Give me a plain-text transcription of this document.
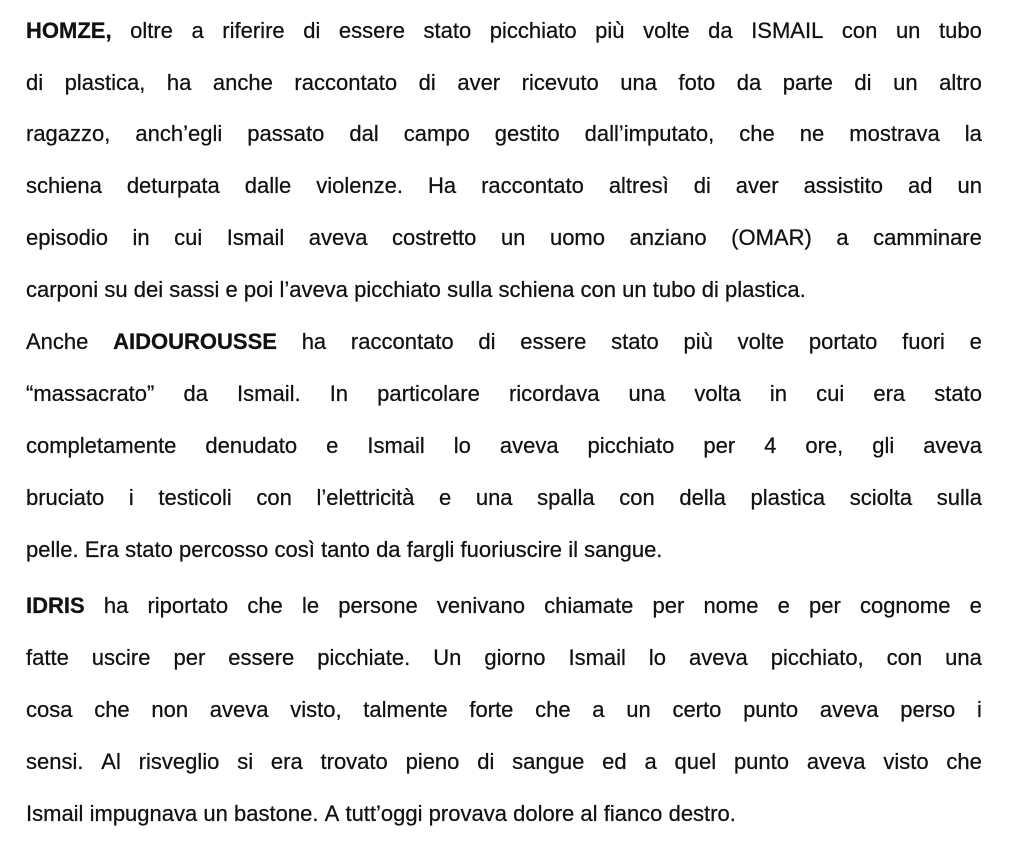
HOMZE, oltre a riferire di essere stato picchiato più volte da ISMAIL con un tubo
di plastica, ha anche raccontato di aver ricevuto una foto da parte di un altro
ragazzo, anch’egli passato dal campo gestito dall’imputato, che ne mostrava la
schiena deturpata dalle violenze. Ha raccontato altresì di aver assistito ad un
episodio in cui Ismail aveva costretto un uomo anziano (OMAR) a camminare
carponi su dei sassi e poi l’aveva picchiato sulla schiena con un tubo di plastica.
Anche AIDOUROUSSE ha raccontato di essere stato più volte portato fuori e
“massacrato” da Ismail. In particolare ricordava una volta in cui era stato
completamente denudato e Ismail lo aveva picchiato per 4 ore, gli aveva
bruciato i testicoli con l’elettricità e una spalla con della plastica sciolta sulla
pelle. Era stato percosso così tanto da fargli fuoriuscire il sangue.
IDRIS ha riportato che le persone venivano chiamate per nome e per cognome e
fatte uscire per essere picchiate. Un giorno Ismail lo aveva picchiato, con una
cosa che non aveva visto, talmente forte che a un certo punto aveva perso i
sensi. Al risveglio si era trovato pieno di sangue ed a quel punto aveva visto che
Ismail impugnava un bastone. A tutt’oggi provava dolore al fianco destro.
